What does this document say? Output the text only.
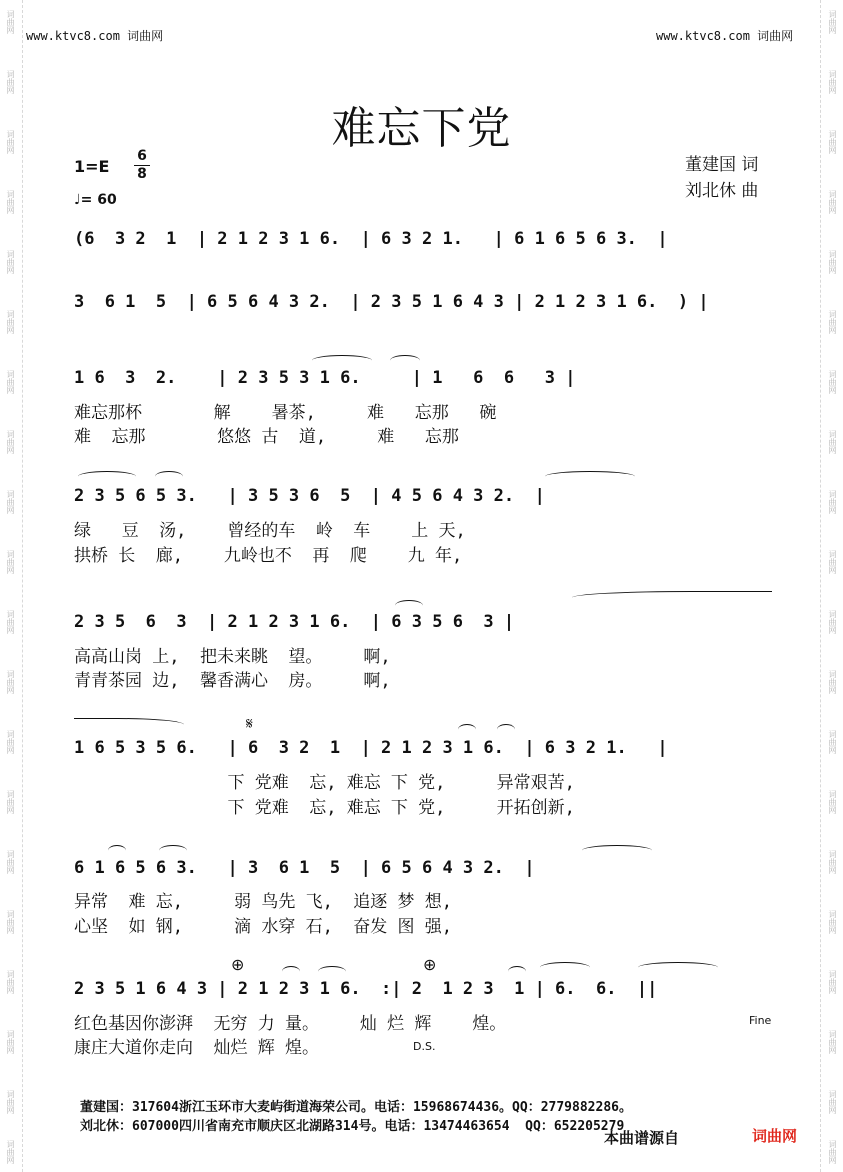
词曲网
词曲网
词曲网
词曲网
词曲网
词曲网
词曲网
词曲网
词曲网
词曲网
词曲网
词曲网
词曲网
词曲网
词曲网
词曲网
词曲网
词曲网
词曲网
词曲网
词曲网
词曲网
词曲网
词曲网
词曲网
词曲网
词曲网
词曲网
词曲网
词曲网
词曲网
词曲网
词曲网
词曲网
词曲网
词曲网
词曲网
词曲网
词曲网
词曲网
www.ktvc8.com 词曲网	www.ktvc8.com 词曲网
难忘下党
1=E
6
8
♩= 60
董建国 词
刘北休 曲
(6  3 2  1  | 2 1 2 3 1 6.  | 6 3 2 1.   | 6 1 6 5 6 3.  |
3  6 1  5  | 6 5 6 4 3 2.  | 2 3 5 1 6 4 3 | 2 1 2 3 1 6.  ) |
1 6  3  2.    | 2 3 5 3 1 6.     | 1   6  6   3 |
难忘那杯       解    暑茶,     难   忘那   碗
难  忘那       悠悠 古  道,     难   忘那
2 3 5 6 5 3.   | 3 5 3 6  5  | 4 5 6 4 3 2.  |
绿   豆  汤,    曾经的车  岭  车    上 天,
拱桥 长  廊,    九岭也不  再  爬    九 年,
2 3 5  6  3  | 2 1 2 3 1 6.  | 6 3 5 6  3 |
高高山岗 上,  把未来眺  望。    啊,
青青茶园 边,  馨香满心  房。    啊,
𝄋
1 6 5 3 5 6.   | 6  3 2  1  | 2 1 2 3 1 6.  | 6 3 2 1.   |
下 党难  忘, 难忘 下 党,     异常艰苦,
下 党难  忘, 难忘 下 党,     开拓创新,
6 1 6 5 6 3.   | 3  6 1  5  | 6 5 6 4 3 2.  |
异常  难 忘,     弱 鸟先 飞,  追逐 梦 想,
心坚  如 钢,     滴 水穿 石,  奋发 图 强,
⊕	⊕
2 3 5 1 6 4 3 | 2 1 2 3 1 6.  :| 2  1 2 3  1 | 6.  6.  ||
红色基因你澎湃  无穷 力 量。    灿 烂 辉    煌。
康庄大道你走向  灿烂 辉 煌。
Fine
D.S.
董建国：317604浙江玉环市大麦屿街道海荣公司。电话：15968674436。QQ：2779882286。
刘北休：607000四川省南充市顺庆区北湖路314号。电话：13474463654  QQ：652205279
本曲谱源自	词曲网
